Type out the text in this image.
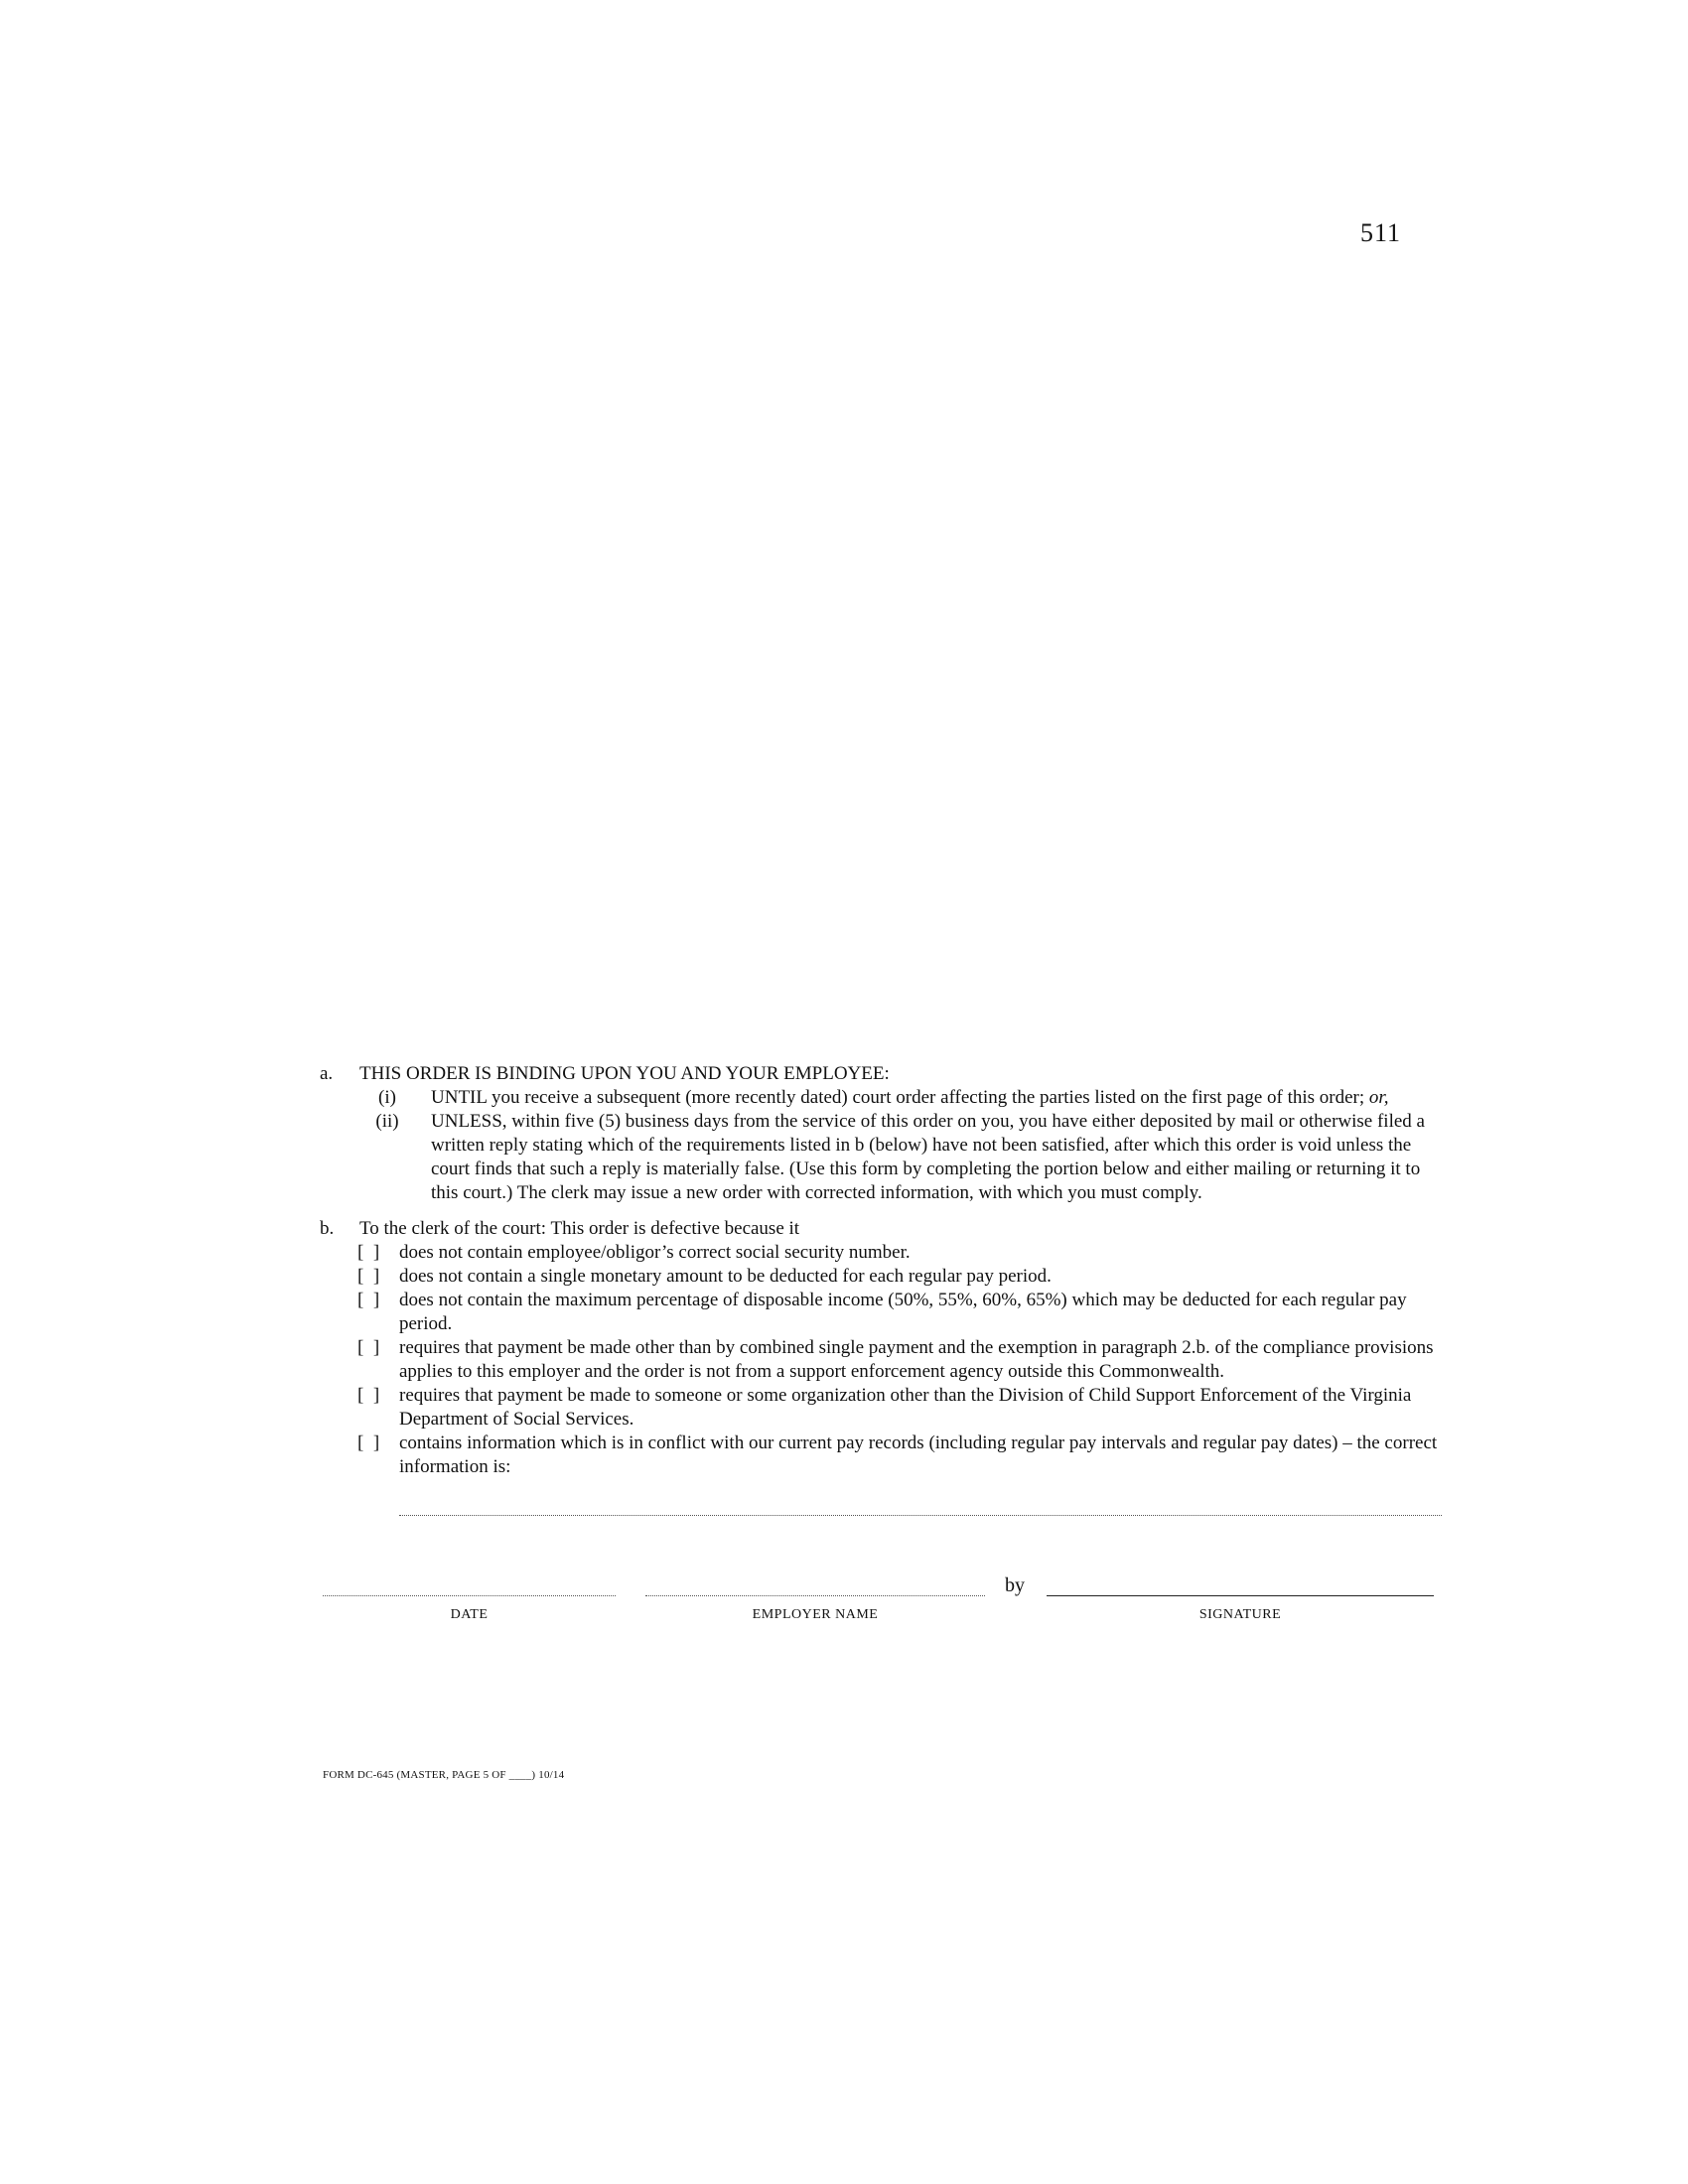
511
a. THIS ORDER IS BINDING UPON YOU AND YOUR EMPLOYEE:
(i)	UNTIL you receive a subsequent (more recently dated) court order affecting the parties listed on the first page of this order; or,
(ii)	UNLESS, within five (5) business days from the service of this order on you, you have either deposited by mail or otherwise filed a written reply stating which of the requirements listed in b (below) have not been satisfied, after which this order is void unless the court finds that such a reply is materially false. (Use this form by completing the portion below and either mailing or returning it to this court.) The clerk may issue a new order with corrected information, with which you must comply.
b. To the clerk of the court: This order is defective because it
[  ]	does not contain employee/obligor’s correct social security number.
[  ]	does not contain a single monetary amount to be deducted for each regular pay period.
[  ]	does not contain the maximum percentage of disposable income (50%, 55%, 60%, 65%) which may be deducted for each regular pay period.
[  ]	requires that payment be made other than by combined single payment and the exemption in paragraph 2.b. of the compliance provisions applies to this employer and the order is not from a support enforcement agency outside this Commonwealth.
[  ]	requires that payment be made to someone or some organization other than the Division of Child Support Enforcement of the Virginia Department of Social Services.
[  ]	contains information which is in conflict with our current pay records (including regular pay intervals and regular pay dates) – the correct information is:
DATE	EMPLOYER NAME
by
SIGNATURE
FORM DC-645 (MASTER, PAGE 5 OF ____) 10/14
